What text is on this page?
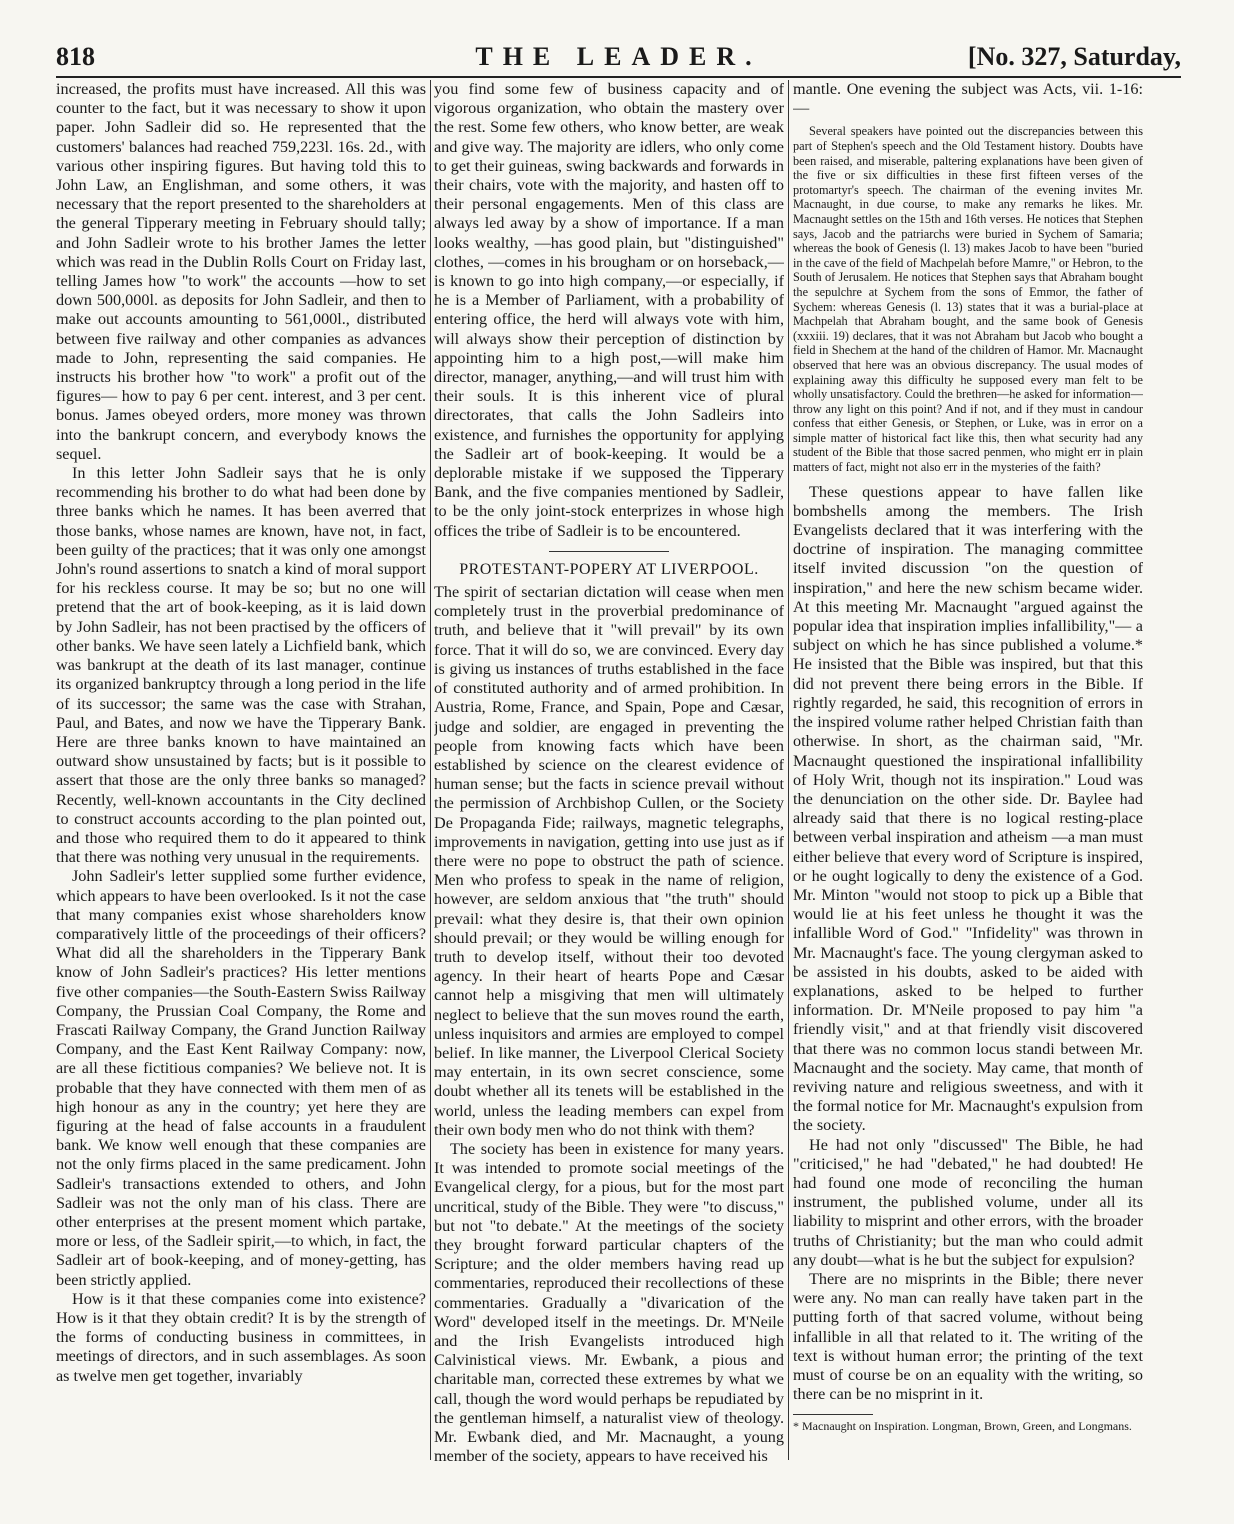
818	THE LEADER.	[No. 327, Saturday,

increased, the profits must have increased. All this was counter to the fact, but it was necessary to show it upon paper. John Sadleir did so. He represented that the customers' balances had reached 759,223l. 16s. 2d., with various other inspiring figures. But having told this to John Law, an Englishman, and some others, it was necessary that the report presented to the shareholders at the general Tipperary meeting in February should tally; and John Sadleir wrote to his brother James the letter which was read in the Dublin Rolls Court on Friday last, telling James how "to work" the accounts —how to set down 500,000l. as deposits for John Sadleir, and then to make out accounts amounting to 561,000l., distributed between five railway and other companies as advances made to John, representing the said companies. He instructs his brother how "to work" a profit out of the figures— how to pay 6 per cent. interest, and 3 per cent. bonus. James obeyed orders, more money was thrown into the bankrupt concern, and everybody knows the sequel.

In this letter John Sadleir says that he is only recommending his brother to do what had been done by three banks which he names. It has been averred that those banks, whose names are known, have not, in fact, been guilty of the practices; that it was only one amongst John's round assertions to snatch a kind of moral support for his reckless course. It may be so; but no one will pretend that the art of book-keeping, as it is laid down by John Sadleir, has not been practised by the officers of other banks. We have seen lately a Lichfield bank, which was bankrupt at the death of its last manager, continue its organized bankruptcy through a long period in the life of its successor; the same was the case with Strahan, Paul, and Bates, and now we have the Tipperary Bank. Here are three banks known to have maintained an outward show unsustained by facts; but is it possible to assert that those are the only three banks so managed? Recently, well-known accountants in the City declined to construct accounts according to the plan pointed out, and those who required them to do it appeared to think that there was nothing very unusual in the requirements.

John Sadleir's letter supplied some further evidence, which appears to have been overlooked. Is it not the case that many companies exist whose shareholders know comparatively little of the proceedings of their officers? What did all the shareholders in the Tipperary Bank know of John Sadleir's practices? His letter mentions five other companies—the South-Eastern Swiss Railway Company, the Prussian Coal Company, the Rome and Frascati Railway Company, the Grand Junction Railway Company, and the East Kent Railway Company: now, are all these fictitious companies? We believe not. It is probable that they have connected with them men of as high honour as any in the country; yet here they are figuring at the head of false accounts in a fraudulent bank. We know well enough that these companies are not the only firms placed in the same predicament. John Sadleir's transactions extended to others, and John Sadleir was not the only man of his class. There are other enterprises at the present moment which partake, more or less, of the Sadleir spirit,—to which, in fact, the Sadleir art of book-keeping, and of money-getting, has been strictly applied.

How is it that these companies come into existence? How is it that they obtain credit? It is by the strength of the forms of conducting business in committees, in meetings of directors, and in such assemblages. As soon as twelve men get together, invariably

you find some few of business capacity and of vigorous organization, who obtain the mastery over the rest. Some few others, who know better, are weak and give way. The majority are idlers, who only come to get their guineas, swing backwards and forwards in their chairs, vote with the majority, and hasten off to their personal engagements. Men of this class are always led away by a show of importance. If a man looks wealthy, —has good plain, but "distinguished" clothes, —comes in his brougham or on horseback,— is known to go into high company,—or especially, if he is a Member of Parliament, with a probability of entering office, the herd will always vote with him, will always show their perception of distinction by appointing him to a high post,—will make him director, manager, anything,—and will trust him with their souls. It is this inherent vice of plural directorates, that calls the John Sadleirs into existence, and furnishes the opportunity for applying the Sadleir art of book-keeping. It would be a deplorable mistake if we supposed the Tipperary Bank, and the five companies mentioned by Sadleir, to be the only joint-stock enterprizes in whose high offices the tribe of Sadleir is to be encountered.

PROTESTANT-POPERY AT LIVERPOOL.

The spirit of sectarian dictation will cease when men completely trust in the proverbial predominance of truth, and believe that it "will prevail" by its own force. That it will do so, we are convinced. Every day is giving us instances of truths established in the face of constituted authority and of armed prohibition. In Austria, Rome, France, and Spain, Pope and Cæsar, judge and soldier, are engaged in preventing the people from knowing facts which have been established by science on the clearest evidence of human sense; but the facts in science prevail without the permission of Archbishop Cullen, or the Society De Propaganda Fide; railways, magnetic telegraphs, improvements in navigation, getting into use just as if there were no pope to obstruct the path of science. Men who profess to speak in the name of religion, however, are seldom anxious that "the truth" should prevail: what they desire is, that their own opinion should prevail; or they would be willing enough for truth to develop itself, without their too devoted agency. In their heart of hearts Pope and Cæsar cannot help a misgiving that men will ultimately neglect to believe that the sun moves round the earth, unless inquisitors and armies are employed to compel belief. In like manner, the Liverpool Clerical Society may entertain, in its own secret conscience, some doubt whether all its tenets will be established in the world, unless the leading members can expel from their own body men who do not think with them?

The society has been in existence for many years. It was intended to promote social meetings of the Evangelical clergy, for a pious, but for the most part uncritical, study of the Bible. They were "to discuss," but not "to debate." At the meetings of the society they brought forward particular chapters of the Scripture; and the older members having read up commentaries, reproduced their recollections of these commentaries. Gradually a "divarication of the Word" developed itself in the meetings. Dr. M'Neile and the Irish Evangelists introduced high Calvinistical views. Mr. Ewbank, a pious and charitable man, corrected these extremes by what we call, though the word would perhaps be repudiated by the gentleman himself, a naturalist view of theology. Mr. Ewbank died, and Mr. Macnaught, a young member of the society, appears to have received his

mantle. One evening the subject was Acts, vii. 1-16:—

Several speakers have pointed out the discrepancies between this part of Stephen's speech and the Old Testament history. Doubts have been raised, and miserable, paltering explanations have been given of the five or six difficulties in these first fifteen verses of the protomartyr's speech. The chairman of the evening invites Mr. Macnaught, in due course, to make any remarks he likes. Mr. Macnaught settles on the 15th and 16th verses. He notices that Stephen says, Jacob and the patriarchs were buried in Sychem of Samaria; whereas the book of Genesis (l. 13) makes Jacob to have been "buried in the cave of the field of Machpelah before Mamre," or Hebron, to the South of Jerusalem. He notices that Stephen says that Abraham bought the sepulchre at Sychem from the sons of Emmor, the father of Sychem: whereas Genesis (l. 13) states that it was a burial-place at Machpelah that Abraham bought, and the same book of Genesis (xxxiii. 19) declares, that it was not Abraham but Jacob who bought a field in Shechem at the hand of the children of Hamor. Mr. Macnaught observed that here was an obvious discrepancy. The usual modes of explaining away this difficulty he supposed every man felt to be wholly unsatisfactory. Could the brethren—he asked for information—throw any light on this point? And if not, and if they must in candour confess that either Genesis, or Stephen, or Luke, was in error on a simple matter of historical fact like this, then what security had any student of the Bible that those sacred penmen, who might err in plain matters of fact, might not also err in the mysteries of the faith?

These questions appear to have fallen like bombshells among the members. The Irish Evangelists declared that it was interfering with the doctrine of inspiration. The managing committee itself invited discussion "on the question of inspiration," and here the new schism became wider. At this meeting Mr. Macnaught "argued against the popular idea that inspiration implies infallibility,"— a subject on which he has since published a volume.* He insisted that the Bible was inspired, but that this did not prevent there being errors in the Bible. If rightly regarded, he said, this recognition of errors in the inspired volume rather helped Christian faith than otherwise. In short, as the chairman said, "Mr. Macnaught questioned the inspirational infallibility of Holy Writ, though not its inspiration." Loud was the denunciation on the other side. Dr. Baylee had already said that there is no logical resting-place between verbal inspiration and atheism —a man must either believe that every word of Scripture is inspired, or he ought logically to deny the existence of a God. Mr. Minton "would not stoop to pick up a Bible that would lie at his feet unless he thought it was the infallible Word of God." "Infidelity" was thrown in Mr. Macnaught's face. The young clergyman asked to be assisted in his doubts, asked to be aided with explanations, asked to be helped to further information. Dr. M'Neile proposed to pay him "a friendly visit," and at that friendly visit discovered that there was no common locus standi between Mr. Macnaught and the society. May came, that month of reviving nature and religious sweetness, and with it the formal notice for Mr. Macnaught's expulsion from the society.

He had not only "discussed" The Bible, he had "criticised," he had "debated," he had doubted! He had found one mode of reconciling the human instrument, the published volume, under all its liability to misprint and other errors, with the broader truths of Christianity; but the man who could admit any doubt—what is he but the subject for expulsion?

There are no misprints in the Bible; there never were any. No man can really have taken part in the putting forth of that sacred volume, without being infallible in all that related to it. The writing of the text is without human error; the printing of the text must of course be on an equality with the writing, so there can be no misprint in it.

* Macnaught on Inspiration. Longman, Brown, Green, and Longmans.
